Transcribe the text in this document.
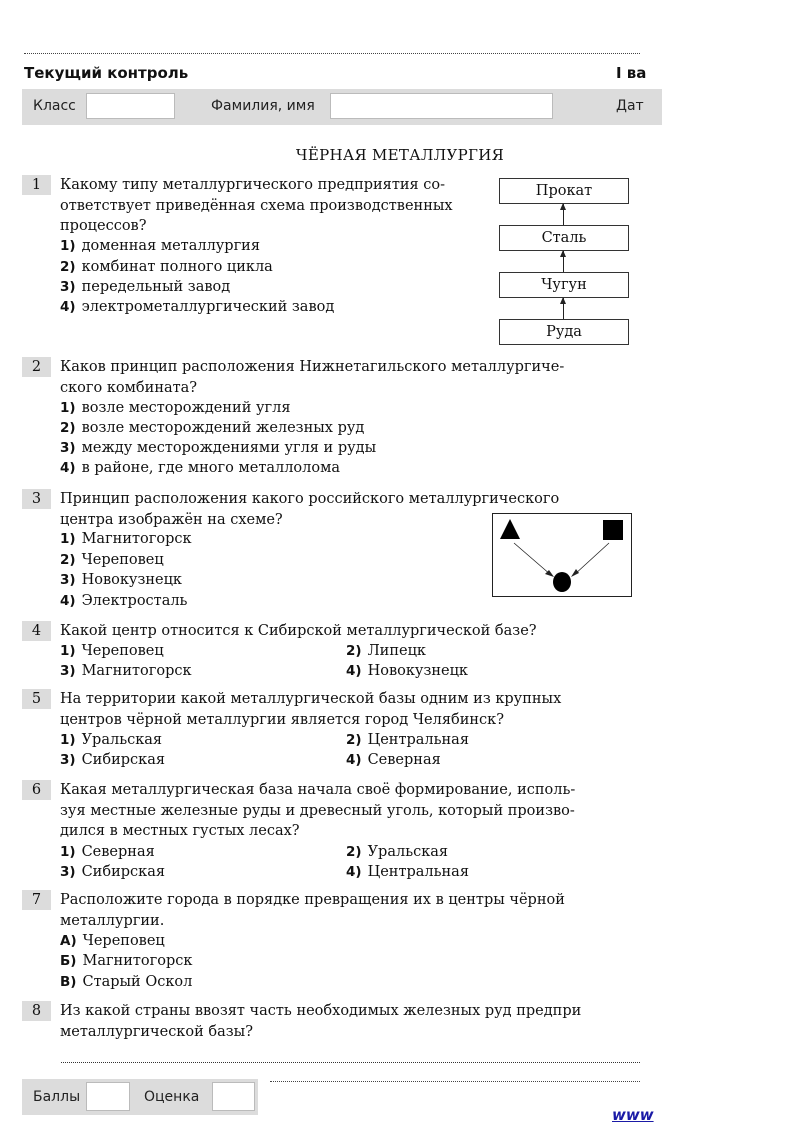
Текущий контроль	I ва
Класс	Фамилия, имя	Дат
ЧЁРНАЯ МЕТАЛЛУРГИЯ
1	Какому типу металлургического предприятия со-
ответствует приведённая схема производственных
процессов?
1) доменная металлургия
2) комбинат полного цикла
3) передельный завод
4) электрометаллургический завод
Прокат
Сталь
Чугун
Руда
2	Каков принцип расположения Нижнетагильского металлургиче-
ского комбината?
1) возле месторождений угля
2) возле месторождений железных руд
3) между месторождениями угля и руды
4) в районе, где много металлолома
3	Принцип расположения какого российского металлургического
центра изображён на схеме?
1) Магнитогорск
2) Череповец
3) Новокузнецк
4) Электросталь
4	Какой центр относится к Сибирской металлургической базе?
1) Череповец	2) Липецк
3) Магнитогорск	4) Новокузнецк
5	На территории какой металлургической базы одним из крупных
центров чёрной металлургии является город Челябинск?
1) Уральская	2) Центральная
3) Сибирская	4) Северная
6	Какая металлургическая база начала своё формирование, исполь-
зуя местные железные руды и древесный уголь, который произво-
дился в местных густых лесах?
1) Северная	2) Уральская
3) Сибирская	4) Центральная
7	Расположите города в порядке превращения их в центры чёрной
металлургии.
А) Череповец
Б) Магнитогорск
В) Старый Оскол
8	Из какой страны ввозят часть необходимых железных руд предпри
металлургической базы?
Баллы	Оценка
www
